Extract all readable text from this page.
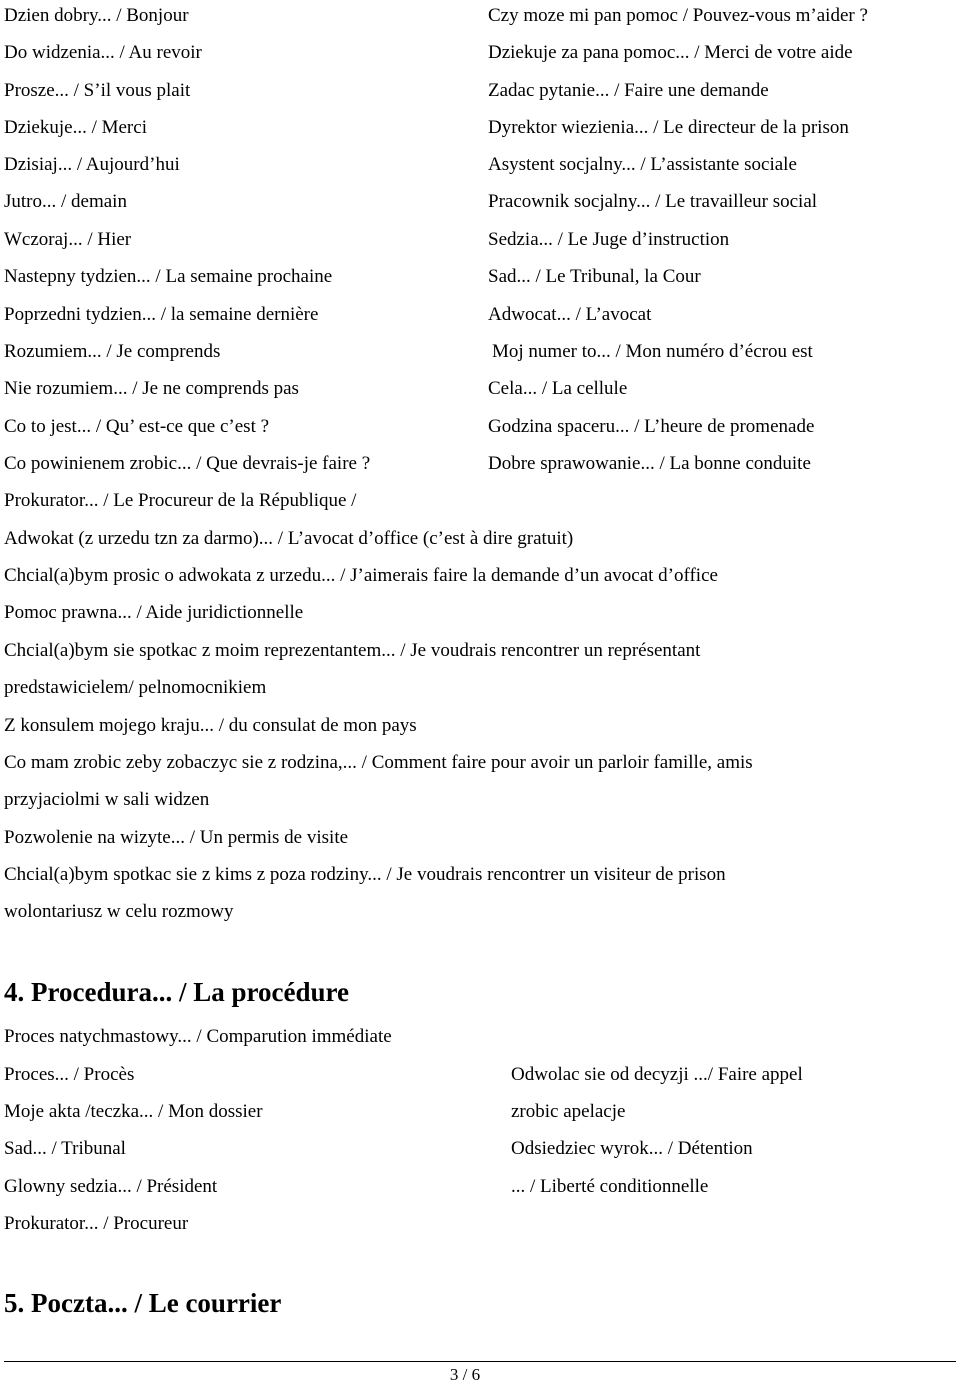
Dzien dobry... / Bonjour
Do widzenia... / Au revoir
Prosze... / S’il vous plait
Dziekuje... / Merci
Dzisiaj... / Aujourd’hui
Jutro... / demain
Wczoraj... / Hier
Nastepny tydzien... / La semaine prochaine
Poprzedni tydzien... / la semaine dernière
Rozumiem... / Je comprends
Nie rozumiem... / Je ne comprends pas
Co to jest... / Qu’ est-ce que c’est ?
Co powinienem zrobic... / Que devrais-je faire ?
Czy moze mi pan pomoc / Pouvez-vous m’aider ?
Dziekuje za pana pomoc... / Merci de votre aide
Zadac pytanie... / Faire une demande
Dyrektor wiezienia... / Le directeur de la prison
Asystent socjalny... / L’assistante sociale
Pracownik socjalny... / Le travailleur social
Sedzia... / Le Juge d’instruction
Sad... / Le Tribunal, la Cour
Adwocat... / L’avocat
Moj numer to... / Mon numéro d’écrou est
Cela... / La cellule
Godzina spaceru... / L’heure de promenade
Dobre sprawowanie... / La bonne conduite
Prokurator... / Le Procureur de la République /
Adwokat (z urzedu tzn za darmo)... / L’avocat d’office (c’est à dire gratuit)
Chcial(a)bym prosic o adwokata z urzedu... / J’aimerais faire la demande d’un avocat d’office
Pomoc prawna... / Aide juridictionnelle
Chcial(a)bym sie spotkac z moim reprezentantem... / Je voudrais rencontrer un représentant
predstawicielem/ pelnomocnikiem
Z konsulem mojego kraju... / du consulat de mon pays
Co mam zrobic zeby zobaczyc sie z rodzina,... / Comment faire pour avoir un parloir famille, amis
przyjaciolmi w sali widzen
Pozwolenie na wizyte... / Un permis de visite
Chcial(a)bym spotkac sie z kims z poza rodziny... / Je voudrais rencontrer un visiteur de prison
wolontariusz w celu rozmowy
4. Procedura... / La procédure
Proces natychmastowy... / Comparution immédiate
Proces... / Procès
Moje akta /teczka... / Mon dossier
Sad... / Tribunal
Glowny sedzia... / Président
Prokurator... / Procureur
Odwolac sie od decyzji .../ Faire appel
zrobic apelacje
Odsiedziec wyrok... / Détention
... / Liberté conditionnelle
5. Poczta... / Le courrier
3 / 6
